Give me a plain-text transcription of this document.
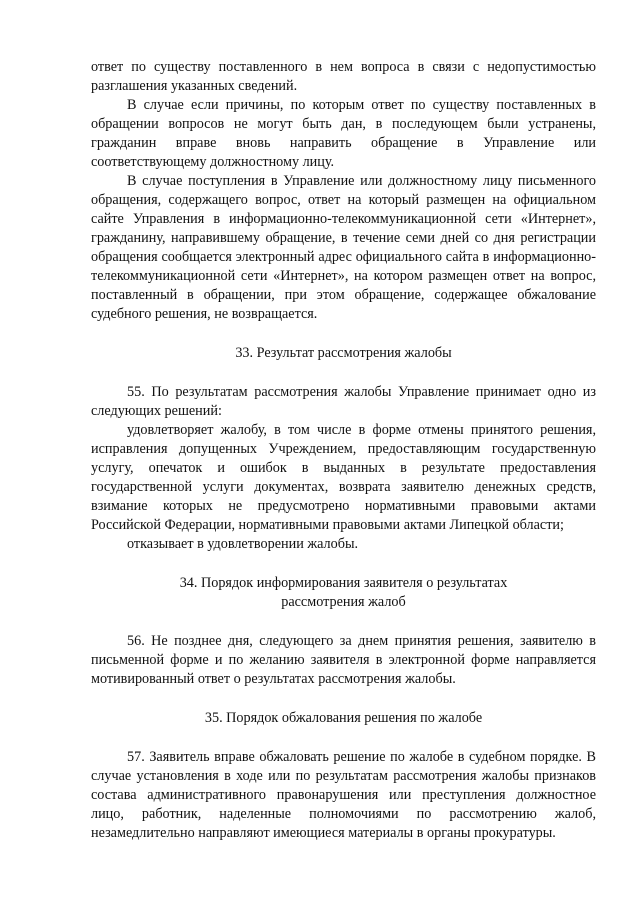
ответ по существу поставленного в нем вопроса в связи с недопустимостью разглашения указанных сведений.

В случае если причины, по которым ответ по существу поставленных в обращении вопросов не могут быть дан, в последующем были устранены, гражданин вправе вновь направить обращение в Управление или соответствующему должностному лицу.

В случае поступления в Управление или должностному лицу письменного обращения, содержащего вопрос, ответ на который размещен на официальном сайте Управления в информационно-телекоммуникационной сети «Интернет», гражданину, направившему обращение, в течение семи дней со дня регистрации обращения сообщается электронный адрес официального сайта в информационно-телекоммуникационной сети «Интернет», на котором размещен ответ на вопрос, поставленный в обращении, при этом обращение, содержащее обжалование судебного решения, не возвращается.

33. Результат рассмотрения жалобы

55. По результатам рассмотрения жалобы Управление принимает одно из следующих решений:

удовлетворяет жалобу, в том числе в форме отмены принятого решения, исправления допущенных Учреждением, предоставляющим государственную услугу, опечаток и ошибок в выданных в результате предоставления государственной услуги документах, возврата заявителю денежных средств, взимание которых не предусмотрено нормативными правовыми актами Российской Федерации, нормативными правовыми актами Липецкой области;

отказывает в удовлетворении жалобы.

34. Порядок информирования заявителя о результатах
рассмотрения жалоб

56. Не позднее дня, следующего за днем принятия решения, заявителю в письменной форме и по желанию заявителя в электронной форме направляется мотивированный ответ о результатах рассмотрения жалобы.

35. Порядок обжалования решения по жалобе

57. Заявитель вправе обжаловать решение по жалобе в судебном порядке. В случае установления в ходе или по результатам рассмотрения жалобы признаков состава административного правонарушения или преступления должностное лицо, работник, наделенные полномочиями по рассмотрению жалоб, незамедлительно направляют имеющиеся материалы в органы прокуратуры.
